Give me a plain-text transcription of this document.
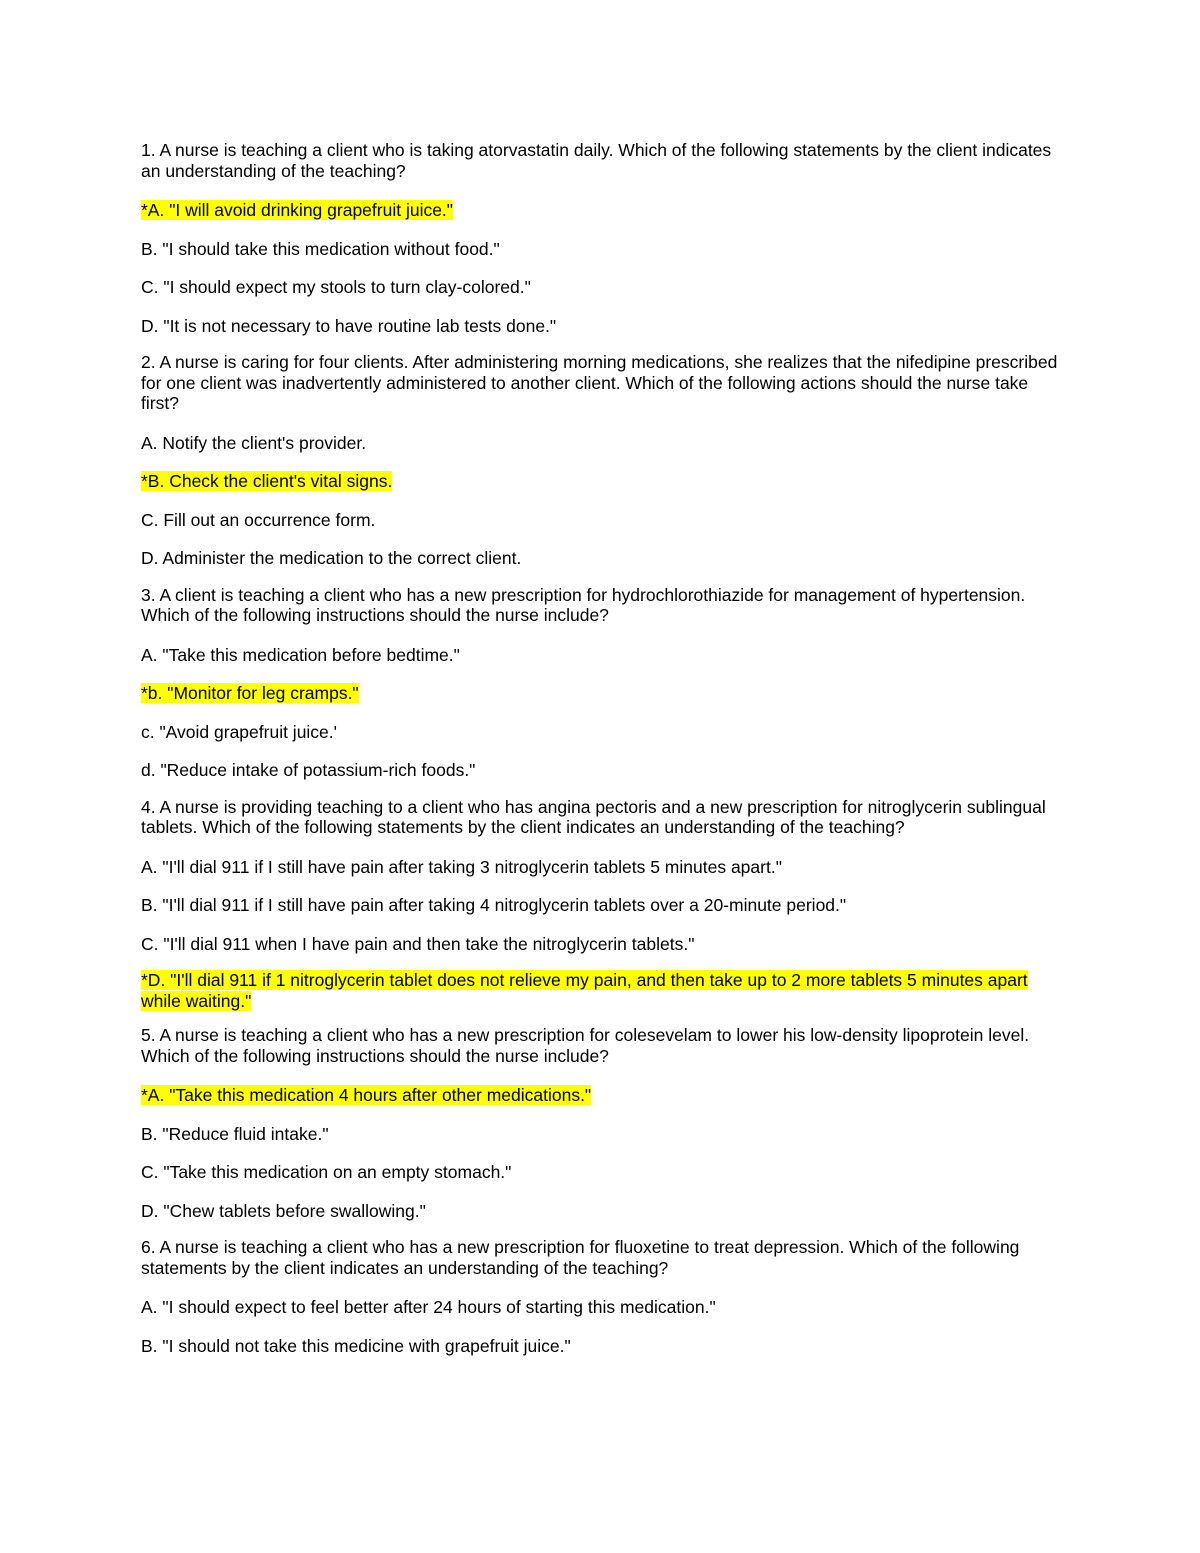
1. A nurse is teaching a client who is taking atorvastatin daily. Which of the following statements by the client indicates an understanding of the teaching?

*A. "I will avoid drinking grapefruit juice."

B. "I should take this medication without food."

C. "I should expect my stools to turn clay-colored."

D. "It is not necessary to have routine lab tests done."

2. A nurse is caring for four clients. After administering morning medications, she realizes that the nifedipine prescribed for one client was inadvertently administered to another client. Which of the following actions should the nurse take first?

A. Notify the client's provider.

*B. Check the client's vital signs.

C. Fill out an occurrence form.

D. Administer the medication to the correct client.

3. A client is teaching a client who has a new prescription for hydrochlorothiazide for management of hypertension. Which of the following instructions should the nurse include?

A. "Take this medication before bedtime."

*b. "Monitor for leg cramps."

c. "Avoid grapefruit juice.'

d. "Reduce intake of potassium-rich foods."

4. A nurse is providing teaching to a client who has angina pectoris and a new prescription for nitroglycerin sublingual tablets. Which of the following statements by the client indicates an understanding of the teaching?

A. "I'll dial 911 if I still have pain after taking 3 nitroglycerin tablets 5 minutes apart."

B. "I'll dial 911 if I still have pain after taking 4 nitroglycerin tablets over a 20-minute period."

C. "I'll dial 911 when I have pain and then take the nitroglycerin tablets."

*D. "I'll dial 911 if 1 nitroglycerin tablet does not relieve my pain, and then take up to 2 more tablets 5 minutes apart while waiting."

5. A nurse is teaching a client who has a new prescription for colesevelam to lower his low-density lipoprotein level. Which of the following instructions should the nurse include?

*A. "Take this medication 4 hours after other medications."

B. "Reduce fluid intake."

C. "Take this medication on an empty stomach."

D. "Chew tablets before swallowing."

6. A nurse is teaching a client who has a new prescription for fluoxetine to treat depression. Which of the following statements by the client indicates an understanding of the teaching?

A. "I should expect to feel better after 24 hours of starting this medication."

B. "I should not take this medicine with grapefruit juice."
